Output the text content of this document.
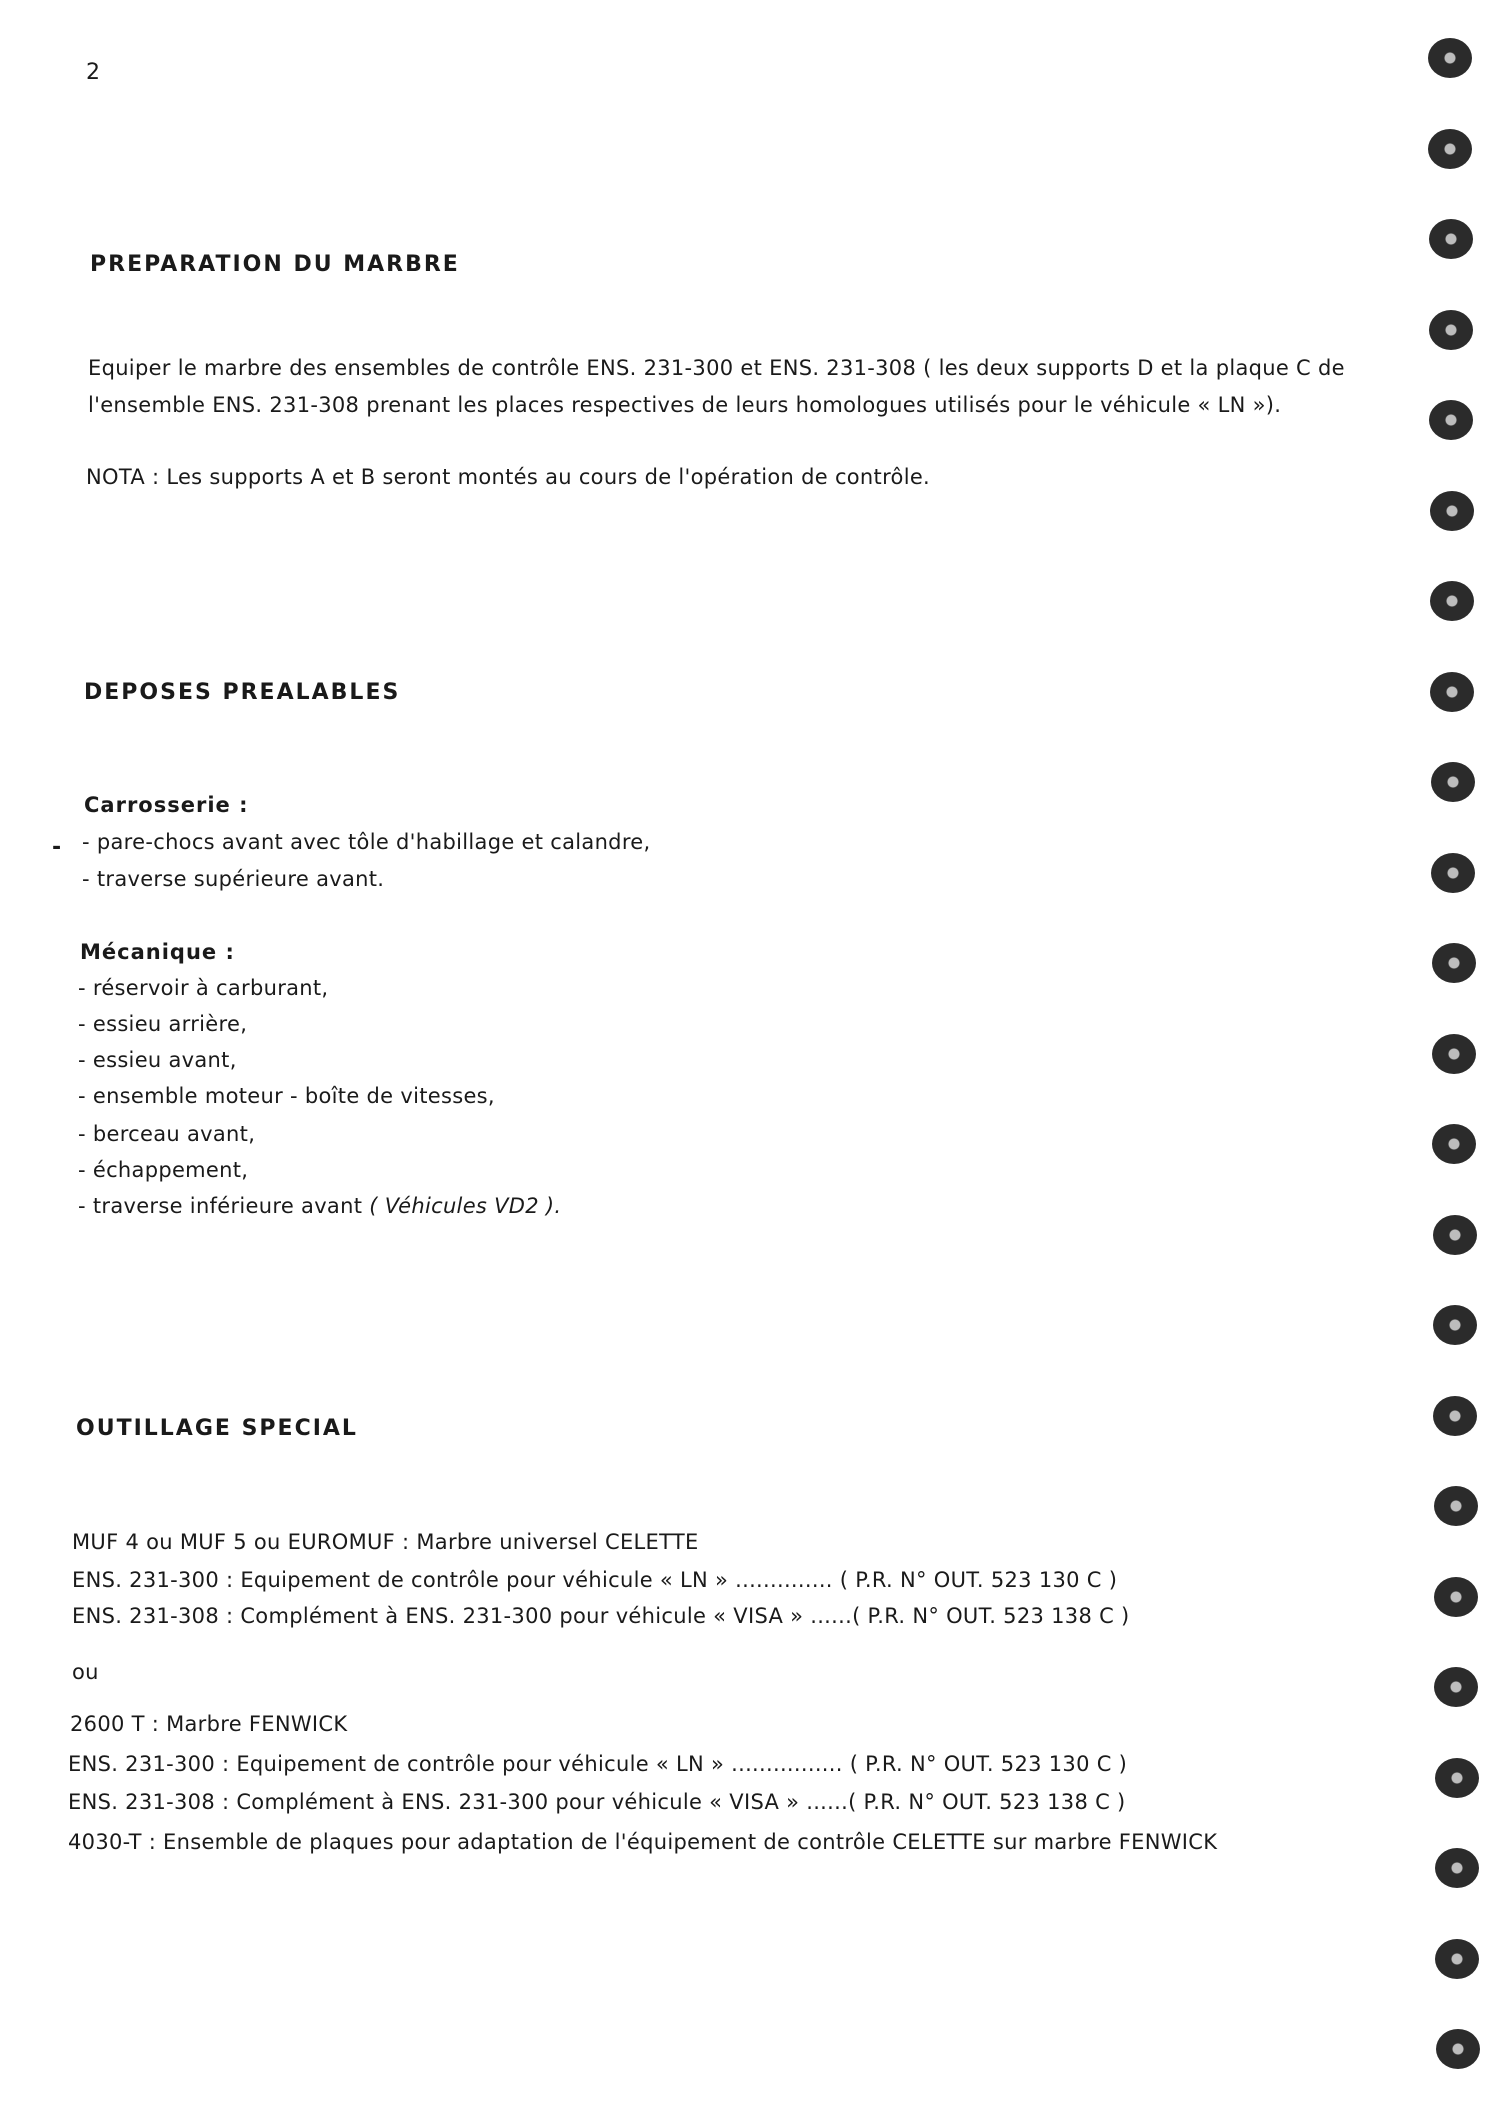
2
PREPARATION DU MARBRE
Equiper le marbre des ensembles de contrôle ENS. 231-300 et ENS. 231-308 ( les deux supports D et la plaque C de
l'ensemble ENS. 231-308 prenant les places respectives de leurs homologues utilisés pour le véhicule « LN »).
NOTA : Les supports A et B seront montés au cours de l'opération de contrôle.
DEPOSES PREALABLES
Carrosserie :
- - pare-chocs avant avec tôle d'habillage et calandre,
- traverse supérieure avant.
Mécanique :
- réservoir à carburant,
- essieu arrière,
- essieu avant,
- ensemble moteur - boîte de vitesses,
- berceau avant,
- échappement,
- traverse inférieure avant ( Véhicules VD2 ).
OUTILLAGE SPECIAL
MUF 4 ou MUF 5 ou EUROMUF : Marbre universel CELETTE
ENS. 231-300 : Equipement de contrôle pour véhicule « LN » .............. ( P.R. N° OUT. 523 130 C )
ENS. 231-308 : Complément à ENS. 231-300 pour véhicule « VISA » ......( P.R. N° OUT. 523 138 C )
ou
2600 T : Marbre FENWICK
ENS. 231-300 : Equipement de contrôle pour véhicule « LN » ................ ( P.R. N° OUT. 523 130 C )
ENS. 231-308 : Complément à ENS. 231-300 pour véhicule « VISA » ......( P.R. N° OUT. 523 138 C )
4030-T : Ensemble de plaques pour adaptation de l'équipement de contrôle CELETTE sur marbre FENWICK
